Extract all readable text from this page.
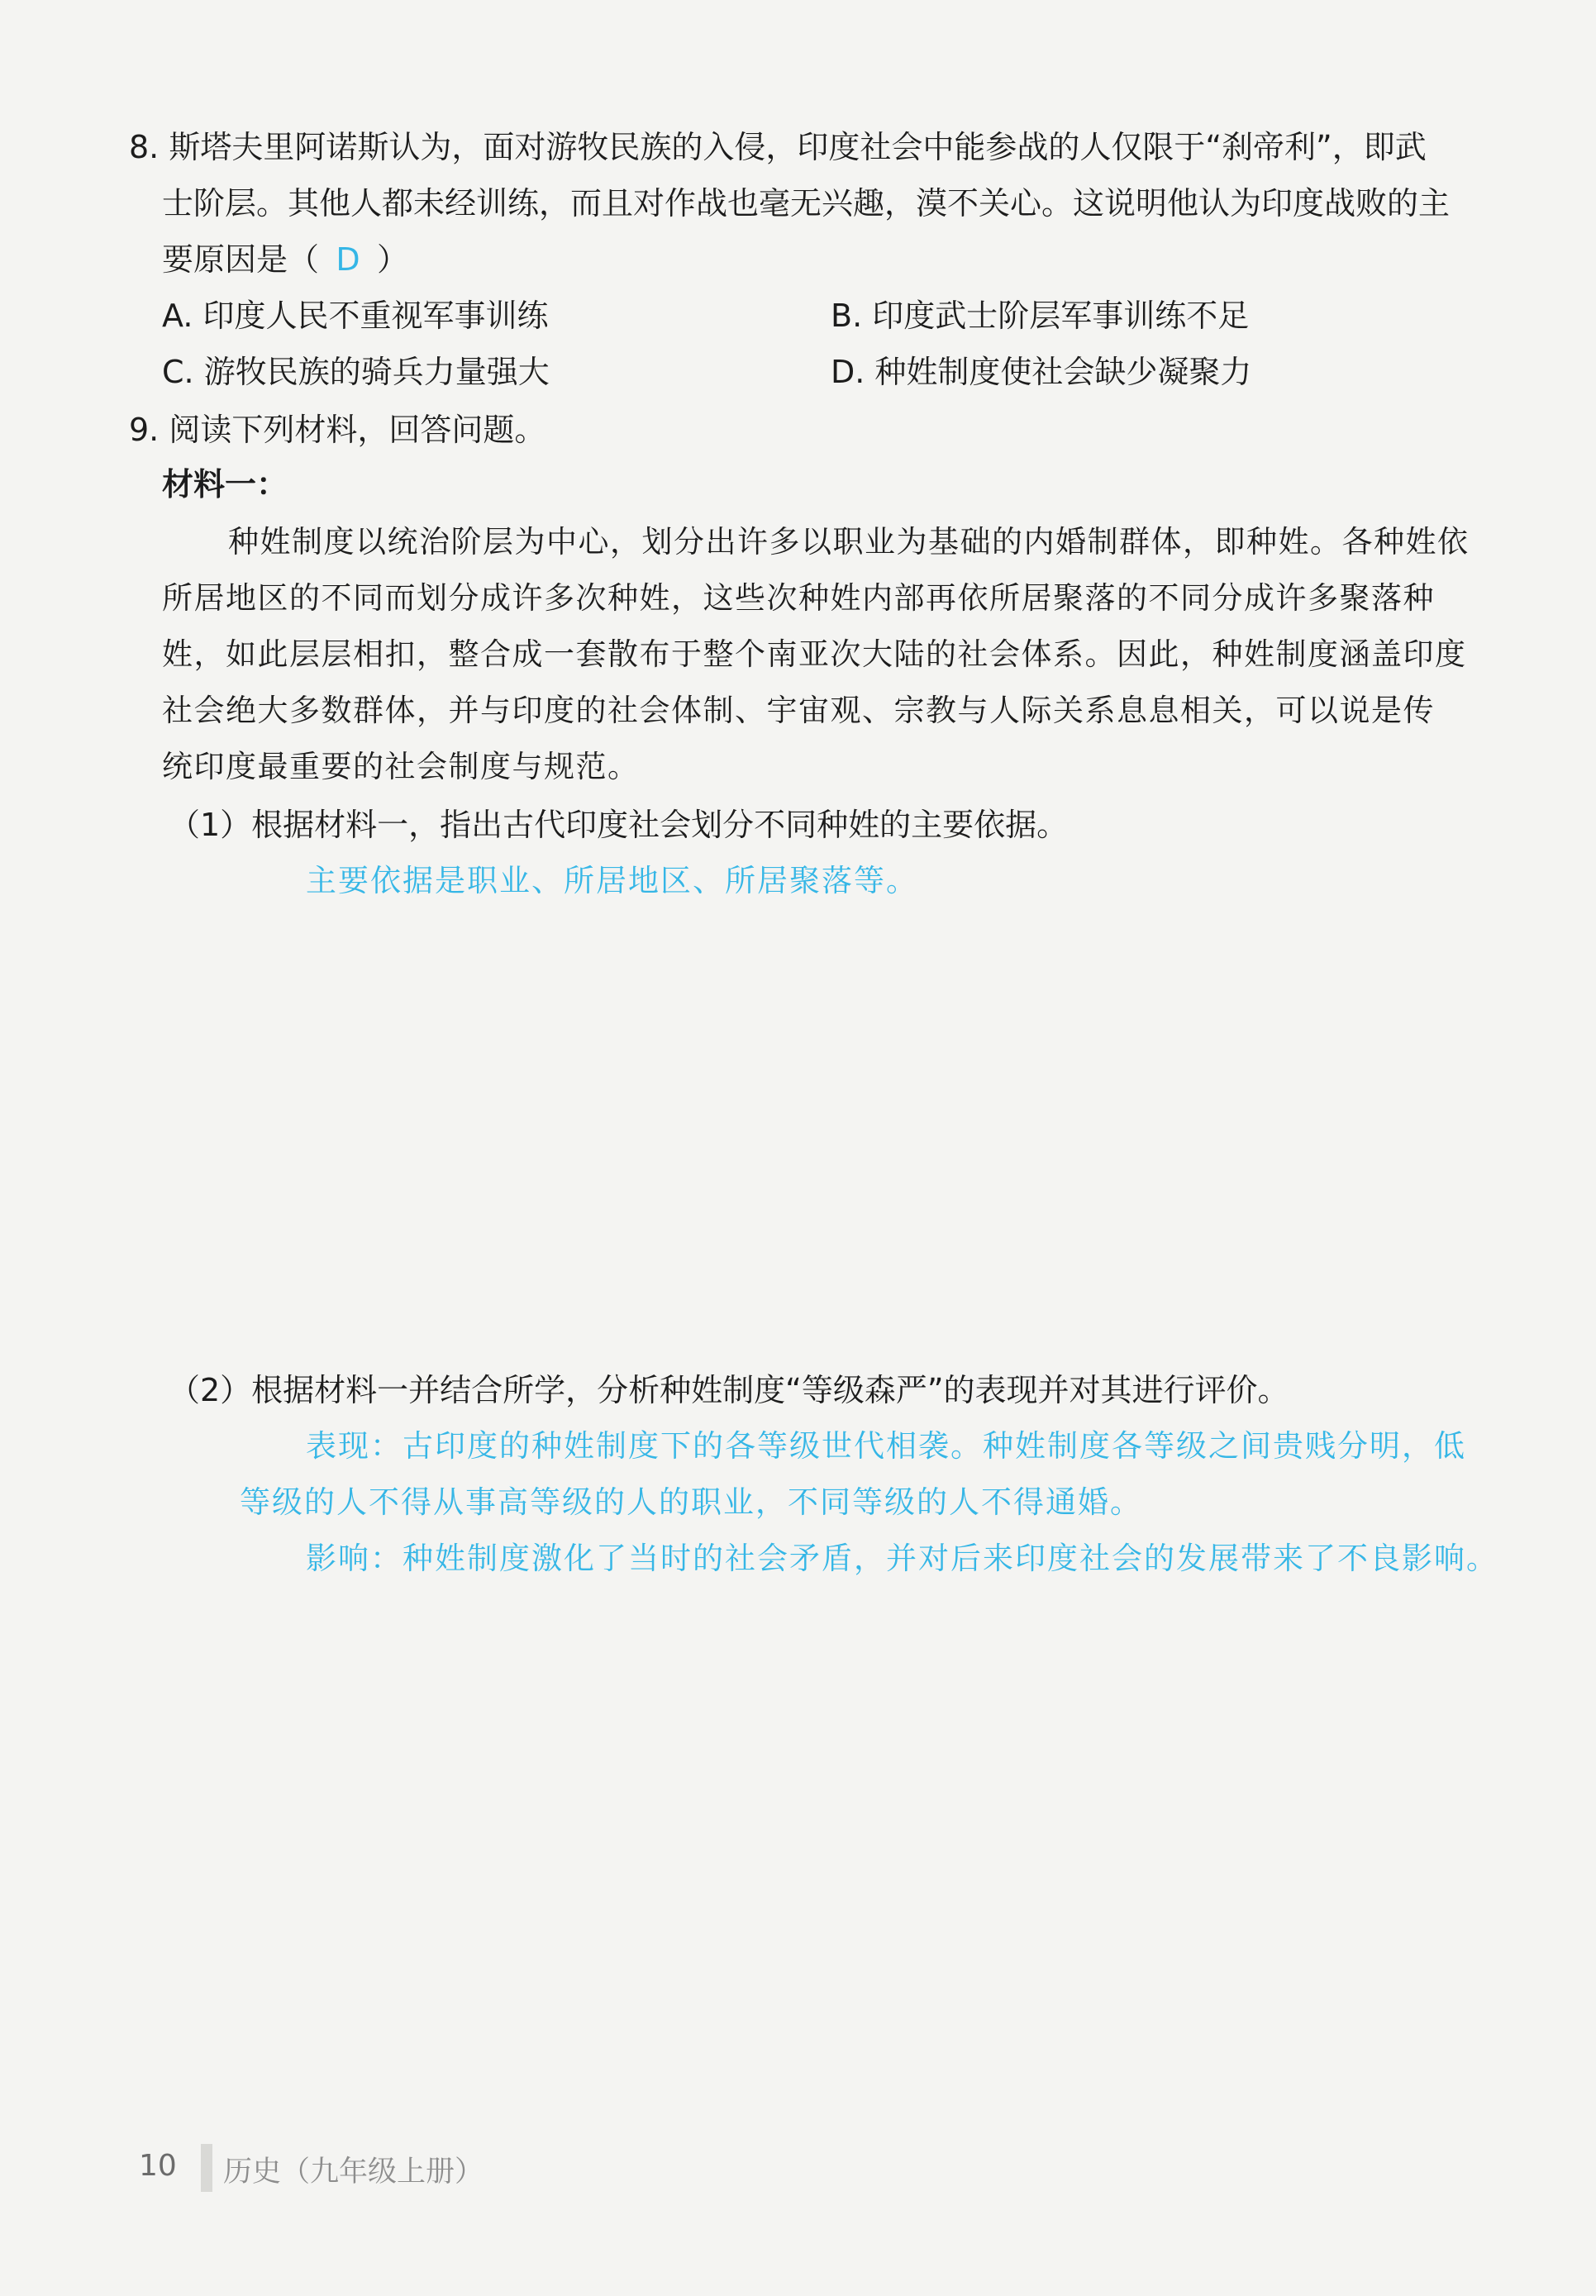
8. 斯塔夫里阿诺斯认为，面对游牧民族的入侵，印度社会中能参战的人仅限于“刹帝利”，即武
士阶层。其他人都未经训练，而且对作战也毫无兴趣，漠不关心。这说明他认为印度战败的主
要原因是（ D ）
A. 印度人民不重视军事训练	B. 印度武士阶层军事训练不足
C. 游牧民族的骑兵力量强大	D. 种姓制度使社会缺少凝聚力
9. 阅读下列材料，回答问题。
材料一：
种姓制度以统治阶层为中心，划分出许多以职业为基础的内婚制群体，即种姓。各种姓依
所居地区的不同而划分成许多次种姓，这些次种姓内部再依所居聚落的不同分成许多聚落种
姓，如此层层相扣，整合成一套散布于整个南亚次大陆的社会体系。因此，种姓制度涵盖印度
社会绝大多数群体，并与印度的社会体制、宇宙观、宗教与人际关系息息相关，可以说是传
统印度最重要的社会制度与规范。
（1）根据材料一，指出古代印度社会划分不同种姓的主要依据。
主要依据是职业、所居地区、所居聚落等。
（2）根据材料一并结合所学，分析种姓制度“等级森严”的表现并对其进行评价。
表现：古印度的种姓制度下的各等级世代相袭。种姓制度各等级之间贵贱分明，低
等级的人不得从事高等级的人的职业，不同等级的人不得通婚。
影响：种姓制度激化了当时的社会矛盾，并对后来印度社会的发展带来了不良影响。
10 历史（九年级上册）
